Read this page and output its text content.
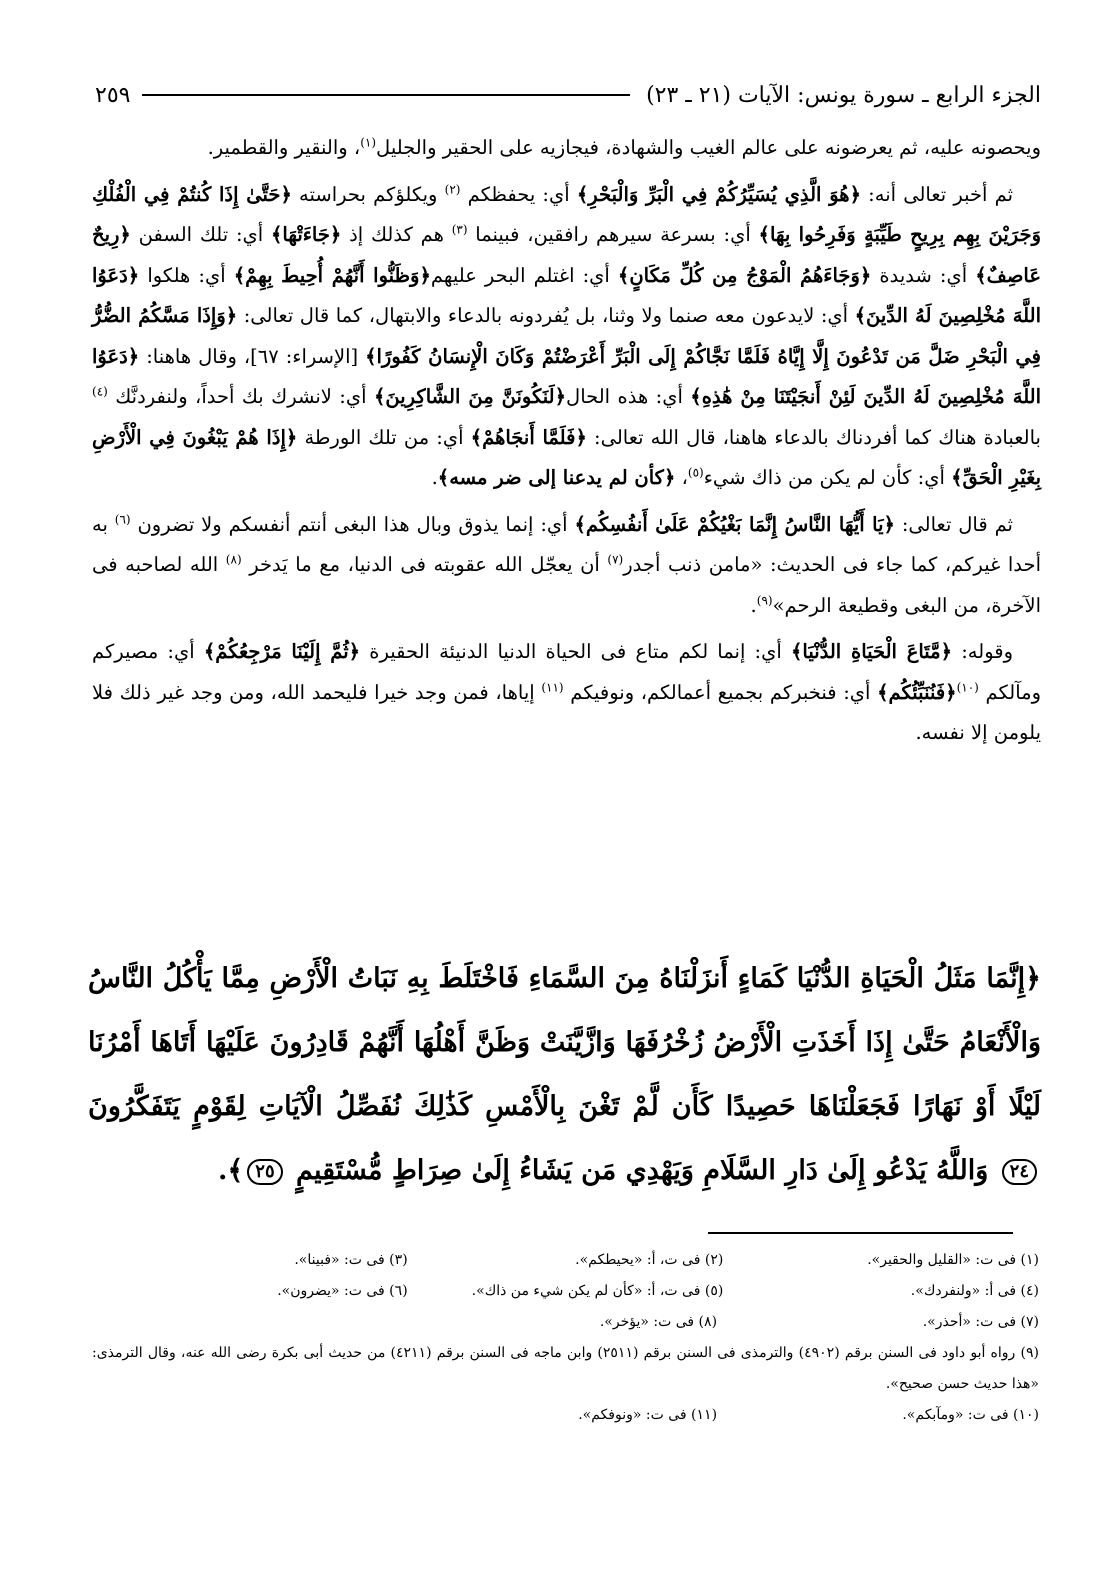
الجزء الرابع ـ سورة يونس: الآيات (٢١ ـ ٢٣)
٢٥٩

ويحصونه عليه، ثم يعرضونه على عالم الغيب والشهادة، فيجازيه على الحقير والجليل$^{(١)}$، والنقير والقطمير.

ثم أخبر تعالى أنه: ﴿هُوَ الَّذِي يُسَيِّرُكُمْ فِي الْبَرِّ وَالْبَحْرِ﴾ أي: يحفظكم $^{(٢)}$ ويكلؤكم بحراسته ﴿حَتَّىٰ إِذَا كُنتُمْ فِي الْفُلْكِ وَجَرَيْنَ بِهِم بِرِيحٍ طَيِّبَةٍ وَفَرِحُوا بِهَا﴾ أي: بسرعة سيرهم رافقين، فبينما $^{(٣)}$ هم كذلك إذ ﴿جَاءَتْهَا﴾ أي: تلك السفن ﴿رِيحٌ عَاصِفٌ﴾ أي: شديدة ﴿وَجَاءَهُمُ الْمَوْجُ مِن كُلِّ مَكَانٍ﴾ أي: اغتلم البحر عليهم﴿وَظَنُّوا أَنَّهُمْ أُحِيطَ بِهِمْ﴾ أي: هلكوا ﴿دَعَوُا اللَّهَ مُخْلِصِينَ لَهُ الدِّينَ﴾ أي: لايدعون معه صنما ولا وثنا، بل يُفردونه بالدعاء والابتهال، كما قال تعالى: ﴿وَإِذَا مَسَّكُمُ الضُّرُّ فِي الْبَحْرِ ضَلَّ مَن تَدْعُونَ إِلَّا إِيَّاهُ فَلَمَّا نَجَّاكُمْ إِلَى الْبَرِّ أَعْرَضْتُمْ وَكَانَ الْإِنسَانُ كَفُورًا﴾ [الإسراء: ٦٧]، وقال هاهنا: ﴿دَعَوُا اللَّهَ مُخْلِصِينَ لَهُ الدِّينَ لَئِنْ أَنجَيْتَنَا مِنْ هَٰذِهِ﴾ أي: هذه الحال﴿لَنَكُونَنَّ مِنَ الشَّاكِرِينَ﴾ أي: لانشرك بك أحداً، ولنفردنَّك $^{(٤)}$ بالعبادة هناك كما أفردناك بالدعاء هاهنا، قال الله تعالى: ﴿فَلَمَّا أَنجَاهُمْ﴾ أي: من تلك الورطة ﴿إِذَا هُمْ يَبْغُونَ فِي الْأَرْضِ بِغَيْرِ الْحَقِّ﴾ أي: كأن لم يكن من ذاك شيء$^{(٥)}$، ﴿كأن لم يدعنا إلى ضر مسه﴾.

ثم قال تعالى: ﴿يَا أَيُّهَا النَّاسُ إِنَّمَا بَغْيُكُمْ عَلَىٰ أَنفُسِكُم﴾ أي: إنما يذوق وبال هذا البغى أنتم أنفسكم ولا تضرون $^{(٦)}$ به أحدا غيركم، كما جاء فى الحديث: «مامن ذنب أجدر$^{(٧)}$ أن يعجّل الله عقوبته فى الدنيا، مع ما يَدخر $^{(٨)}$ الله لصاحبه فى الآخرة، من البغى وقطيعة الرحم»$^{(٩)}$.

وقوله: ﴿مَّتَاعَ الْحَيَاةِ الدُّنْيَا﴾ أي: إنما لكم متاع فى الحياة الدنيا الدنيئة الحقيرة ﴿ثُمَّ إِلَيْنَا مَرْجِعُكُمْ﴾ أي: مصيركم ومآلكم $^{(١٠)}$﴿فَنُنَبِّئُكُم﴾ أي: فنخبركم بجميع أعمالكم، ونوفيكم $^{(١١)}$ إياها، فمن وجد خيرا فليحمد الله، ومن وجد غير ذلك فلا يلومن إلا نفسه.

﴿إِنَّمَا مَثَلُ الْحَيَاةِ الدُّنْيَا كَمَاءٍ أَنزَلْنَاهُ مِنَ السَّمَاءِ فَاخْتَلَطَ بِهِ نَبَاتُ الْأَرْضِ مِمَّا يَأْكُلُ النَّاسُ وَالْأَنْعَامُ حَتَّىٰ إِذَا أَخَذَتِ الْأَرْضُ زُخْرُفَهَا وَازَّيَّنَتْ وَظَنَّ أَهْلُهَا أَنَّهُمْ قَادِرُونَ عَلَيْهَا أَتَاهَا أَمْرُنَا لَيْلًا أَوْ نَهَارًا فَجَعَلْنَاهَا حَصِيدًا كَأَن لَّمْ تَغْنَ بِالْأَمْسِ كَذَٰلِكَ نُفَصِّلُ الْآيَاتِ لِقَوْمٍ يَتَفَكَّرُونَ ٢٤ وَاللَّهُ يَدْعُو إِلَىٰ دَارِ السَّلَامِ وَيَهْدِي مَن يَشَاءُ إِلَىٰ صِرَاطٍ مُّسْتَقِيمٍ ٢٥﴾.
(١) فى ت: «القليل والحقير».
(٢) فى ت، أ: «يحيطكم».
(٣) فى ت: «فبينا».
(٤) فى أ: «ولنفردك».
(٥) فى ت، أ: «كأن لم يكن شيء من ذاك».
(٦) فى ت: «يضرون».
(٧) فى ت: «أحذر».
(٨) فى ت: «يؤخر».
(٩) رواه أبو داود فى السنن برقم (٤٩٠٢) والترمذى فى السنن برقم (٢٥١١) وابن ماجه فى السنن برقم (٤٢١١) من حديث أبى بكرة رضى الله عنه، وقال الترمذى: «هذا حديث حسن صحيح».
(١٠) فى ت: «ومآبكم».
(١١) فى ت: «ونوفكم».
